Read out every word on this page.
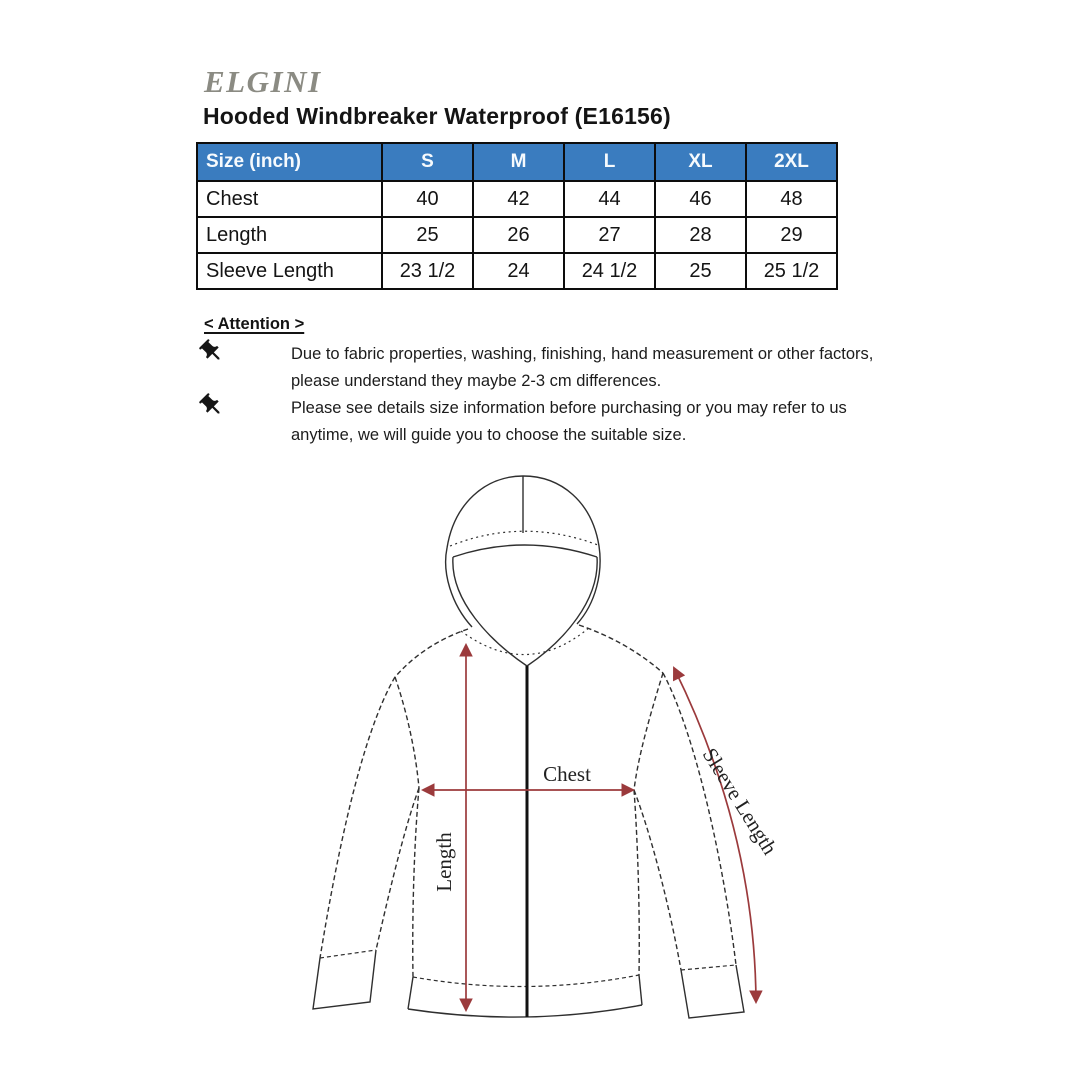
ELGINI
Hooded Windbreaker Waterproof (E16156)
Size (inch)	S	M	L	XL	2XL
Chest	40	42	44	46	48
Length	25	26	27	28	29
Sleeve Length	23 1/2	24	24 1/2	25	25 1/2
< Attention >
Due to fabric properties, washing, finishing, hand measurement or other factors,
please understand they maybe 2-3 cm differences.
Please see details size information before purchasing or you may refer to us
anytime, we will guide you to choose the suitable size.
Chest
Length
Sleeve Length
